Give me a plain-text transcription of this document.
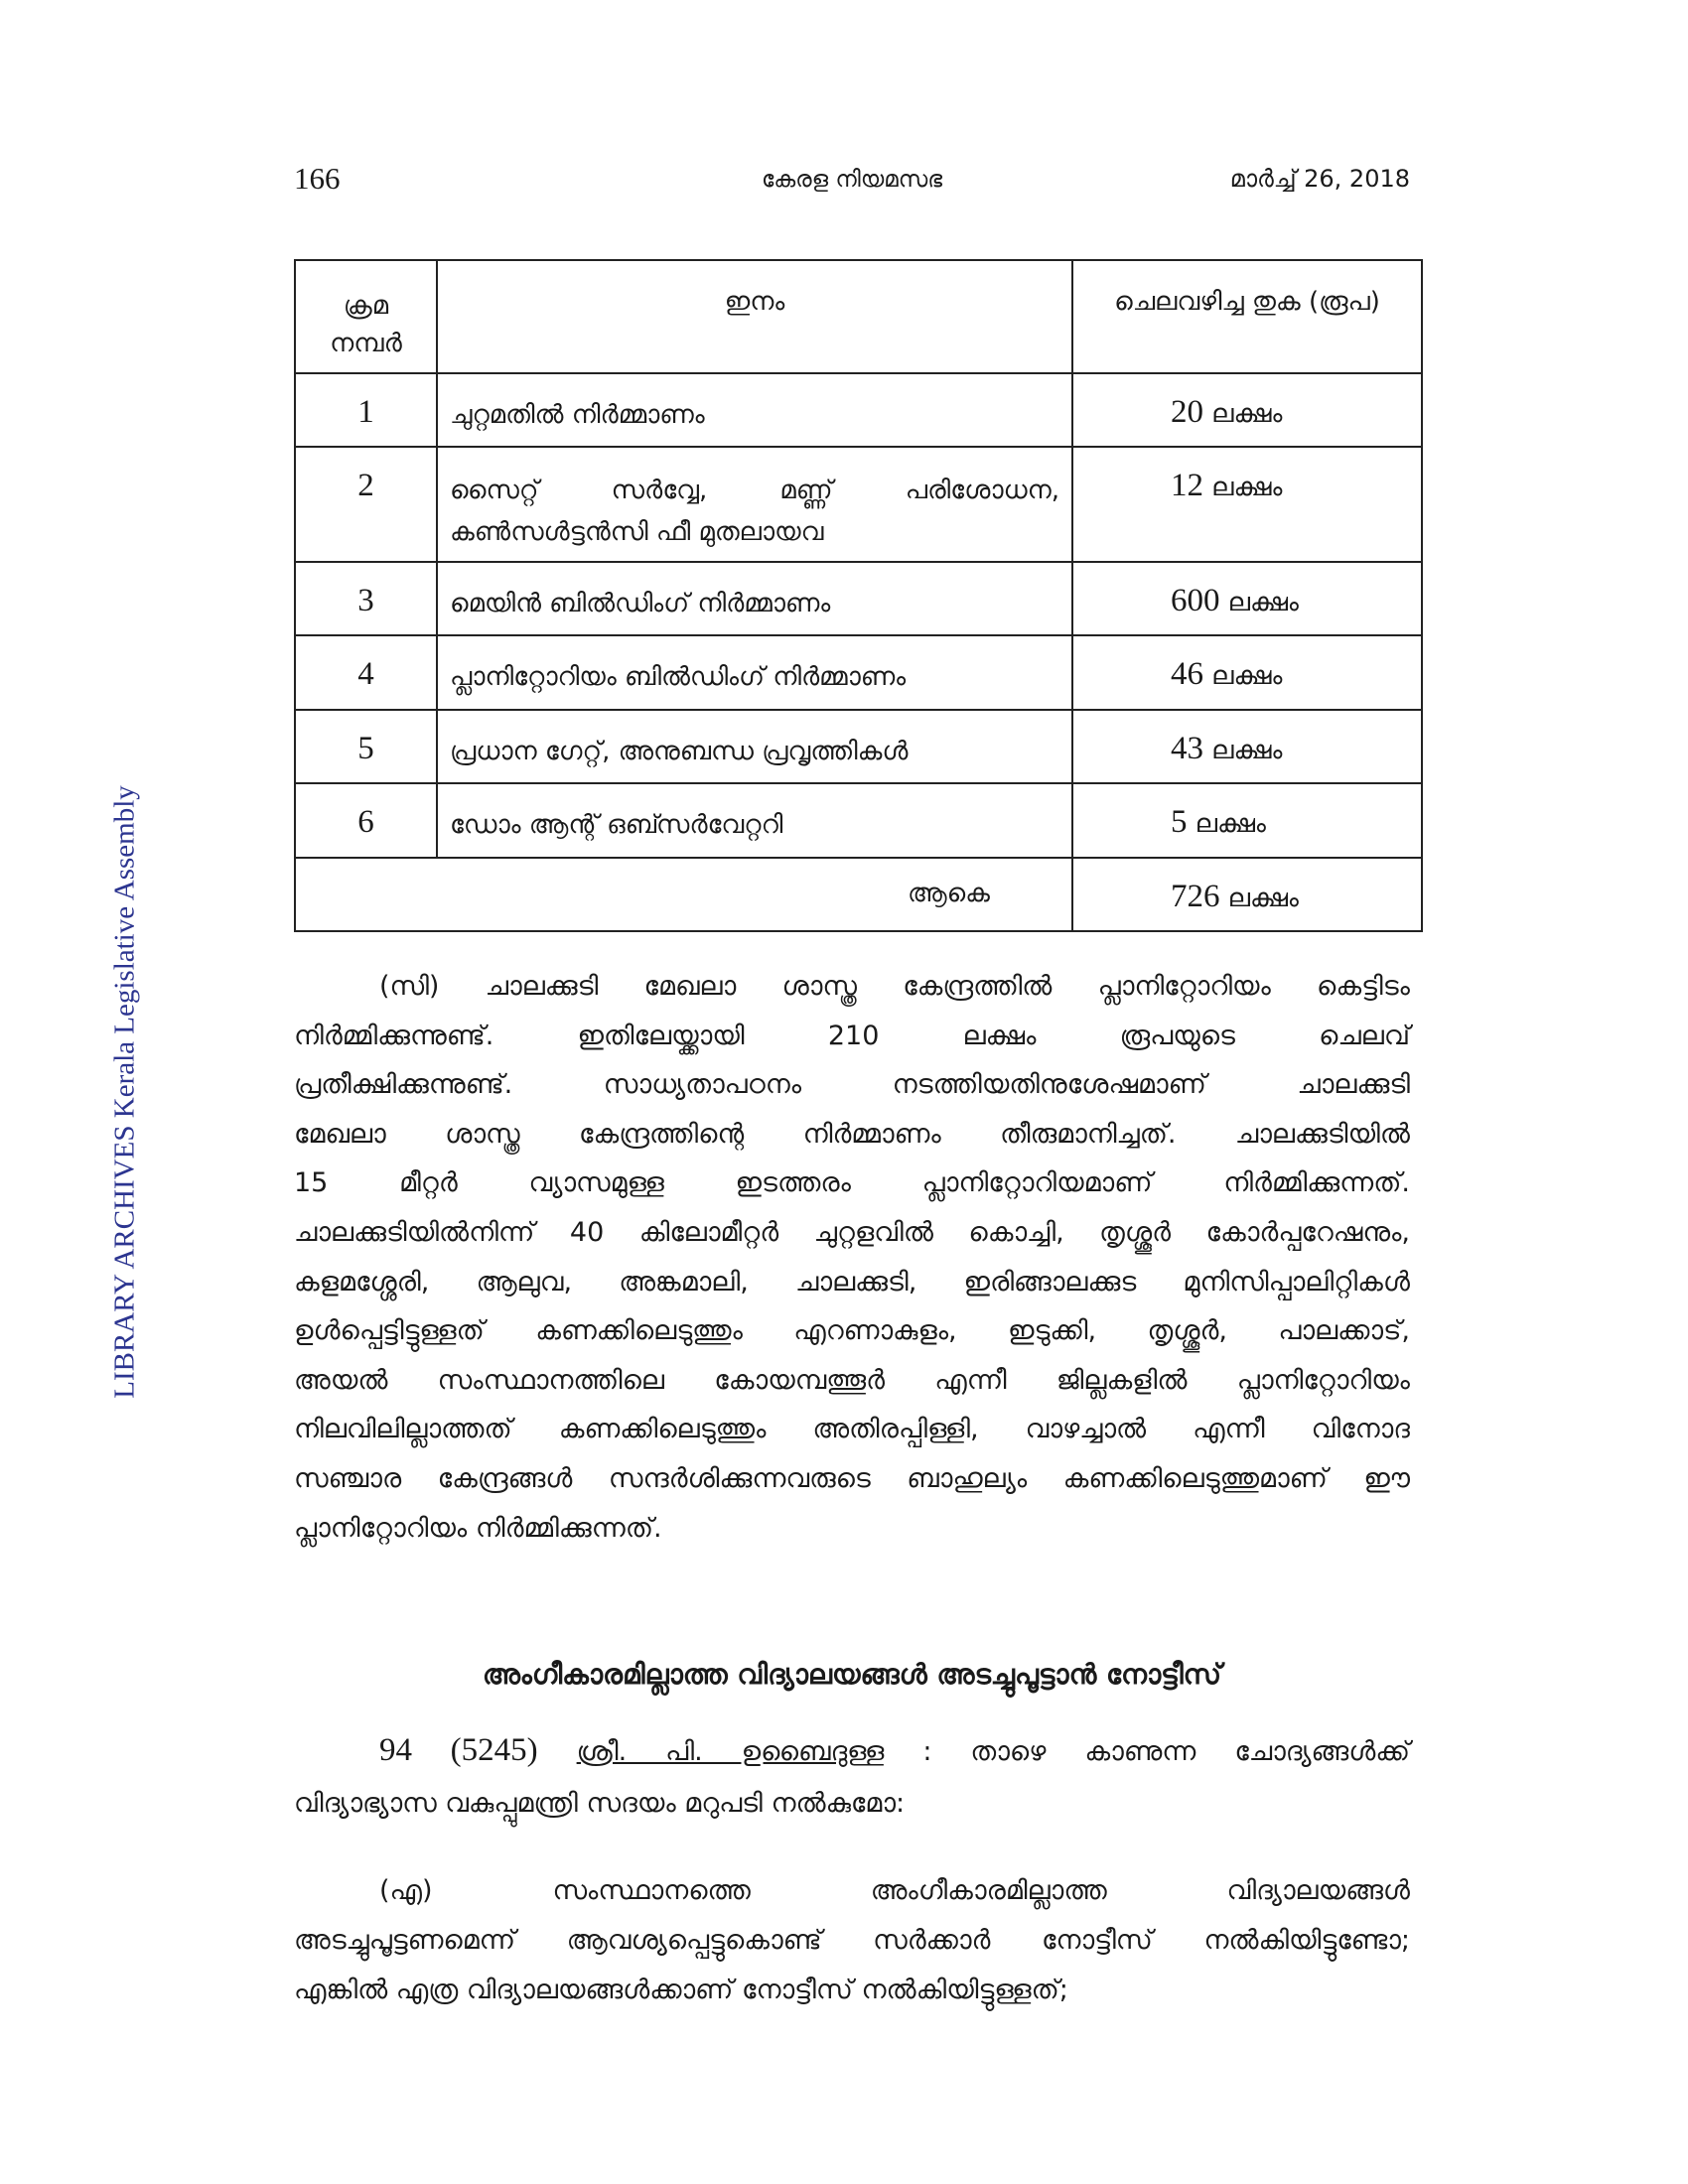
LIBRARY ARCHIVES Kerala Legislative Assembly
166	കേരള നിയമസഭ	മാർച്ച് 26, 2018
ക്രമ
നമ്പർ	ഇനം	ചെലവഴിച്ച തുക (രൂപ)
1	ചുറ്റമതിൽ നിർമ്മാണം	20 ലക്ഷം
2	സൈറ്റ് സർവ്വേ, മണ്ണ് പരിശോധന,
കൺസൾട്ടൻസി ഫീ മുതലായവ	12 ലക്ഷം
3	മെയിൻ ബിൽഡിംഗ് നിർമ്മാണം	600 ലക്ഷം
4	പ്ലാനിറ്റോറിയം ബിൽഡിംഗ് നിർമ്മാണം	46 ലക്ഷം
5	പ്രധാന ഗേറ്റ്, അനുബന്ധ പ്രവൃത്തികൾ	43 ലക്ഷം
6	ഡോം ആന്റ് ഒബ്സർവേറ്ററി	5 ലക്ഷം
ആകെ		726 ലക്ഷം

(സി) ചാലക്കുടി മേഖലാ ശാസ്ത്ര കേന്ദ്രത്തിൽ പ്ലാനിറ്റോറിയം കെട്ടിടം

നിർമ്മിക്കുന്നുണ്ട്. ഇതിലേയ്ക്കായി 210 ലക്ഷം രൂപയുടെ ചെലവ്

പ്രതീക്ഷിക്കുന്നുണ്ട്. സാധ്യതാപഠനം നടത്തിയതിനുശേഷമാണ് ചാലക്കുടി

മേഖലാ ശാസ്ത്ര കേന്ദ്രത്തിന്റെ നിർമ്മാണം തീരുമാനിച്ചത്. ചാലക്കുടിയിൽ

15 മീറ്റർ വ്യാസമുള്ള ഇടത്തരം പ്ലാനിറ്റോറിയമാണ് നിർമ്മിക്കുന്നത്.

ചാലക്കുടിയിൽനിന്ന് 40 കിലോമീറ്റർ ചുറ്റളവിൽ കൊച്ചി, തൃശ്ശൂർ കോർപ്പറേഷനും,

കളമശ്ശേരി, ആലുവ, അങ്കമാലി, ചാലക്കുടി, ഇരിങ്ങാലക്കുട മുനിസിപ്പാലിറ്റികൾ

ഉൾപ്പെട്ടിട്ടുള്ളത് കണക്കിലെടുത്തും എറണാകുളം, ഇടുക്കി, തൃശ്ശൂർ, പാലക്കാട്,

അയൽ സംസ്ഥാനത്തിലെ കോയമ്പത്തൂർ എന്നീ ജില്ലകളിൽ പ്ലാനിറ്റോറിയം

നിലവിലില്ലാത്തത് കണക്കിലെടുത്തും അതിരപ്പിള്ളി, വാഴച്ചാൽ എന്നീ വിനോദ

സഞ്ചാര കേന്ദ്രങ്ങൾ സന്ദർശിക്കുന്നവരുടെ ബാഹുല്യം കണക്കിലെടുത്തുമാണ് ഈ

പ്ലാനിറ്റോറിയം നിർമ്മിക്കുന്നത്.

അംഗീകാരമില്ലാത്ത വിദ്യാലയങ്ങൾ അടച്ചുപൂട്ടാൻ നോട്ടീസ്

94 (5245) ശ്രീ. പി. ഉബൈദുള്ള : താഴെ കാണുന്ന ചോദ്യങ്ങൾക്ക്

വിദ്യാഭ്യാസ വകുപ്പുമന്ത്രി സദയം മറുപടി നൽകുമോ:

(എ) സംസ്ഥാനത്തെ അംഗീകാരമില്ലാത്ത വിദ്യാലയങ്ങൾ

അടച്ചുപൂട്ടണമെന്ന് ആവശ്യപ്പെട്ടുകൊണ്ട് സർക്കാർ നോട്ടീസ് നൽകിയിട്ടുണ്ടോ;

എങ്കിൽ എത്ര വിദ്യാലയങ്ങൾക്കാണ് നോട്ടീസ് നൽകിയിട്ടുള്ളത്;
